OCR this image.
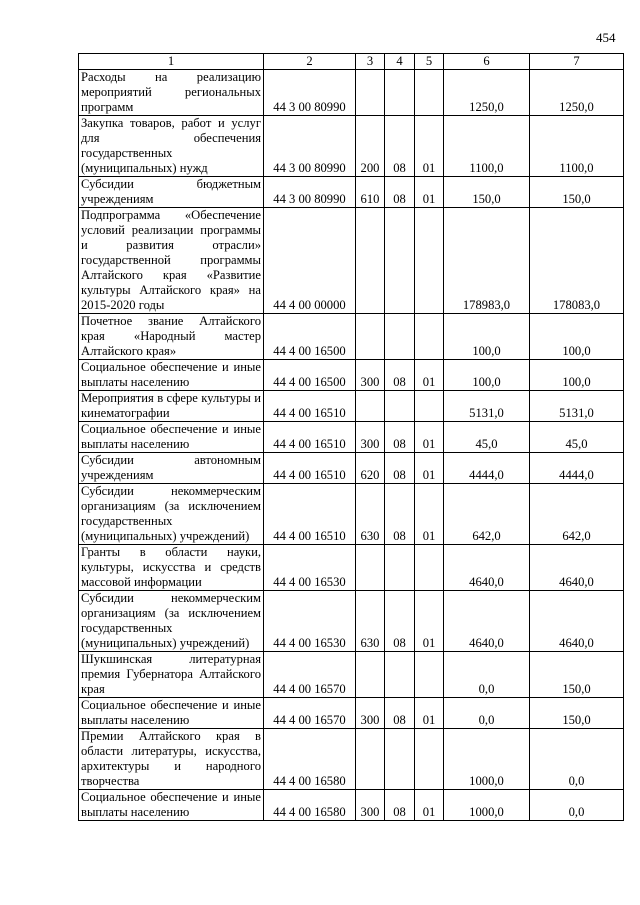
454
1	2	3	4	5	6	7
Расходы на реализацию мероприятий региональных программ	44 3 00 80990				1250,0	1250,0
Закупка товаров, работ и услуг для обеспечения государственных (муниципальных) нужд	44 3 00 80990	200	08	01	1100,0	1100,0
Субсидии бюджетным учреждениям	44 3 00 80990	610	08	01	150,0	150,0
Подпрограмма «Обеспечение условий реализации программы и развития отрасли» государственной программы Алтайского края «Развитие культуры Алтайского края» на 2015-2020 годы	44 4 00 00000				178983,0	178083,0
Почетное звание Алтайского края «Народный мастер Алтайского края»	44 4 00 16500				100,0	100,0
Социальное обеспечение и иные выплаты населению	44 4 00 16500	300	08	01	100,0	100,0
Мероприятия в сфере культуры и кинематографии	44 4 00 16510				5131,0	5131,0
Социальное обеспечение и иные выплаты населению	44 4 00 16510	300	08	01	45,0	45,0
Субсидии автономным учреждениям	44 4 00 16510	620	08	01	4444,0	4444,0
Субсидии некоммерческим организациям (за исключением государственных (муниципальных) учреждений)	44 4 00 16510	630	08	01	642,0	642,0
Гранты в области науки, культуры, искусства и средств массовой информации	44 4 00 16530				4640,0	4640,0
Субсидии некоммерческим организациям (за исключением государственных (муниципальных) учреждений)	44 4 00 16530	630	08	01	4640,0	4640,0
Шукшинская литературная премия Губернатора Алтайского края	44 4 00 16570				0,0	150,0
Социальное обеспечение и иные выплаты населению	44 4 00 16570	300	08	01	0,0	150,0
Премии Алтайского края в области литературы, искусства, архитектуры и народного творчества	44 4 00 16580				1000,0	0,0
Социальное обеспечение и иные выплаты населению	44 4 00 16580	300	08	01	1000,0	0,0
